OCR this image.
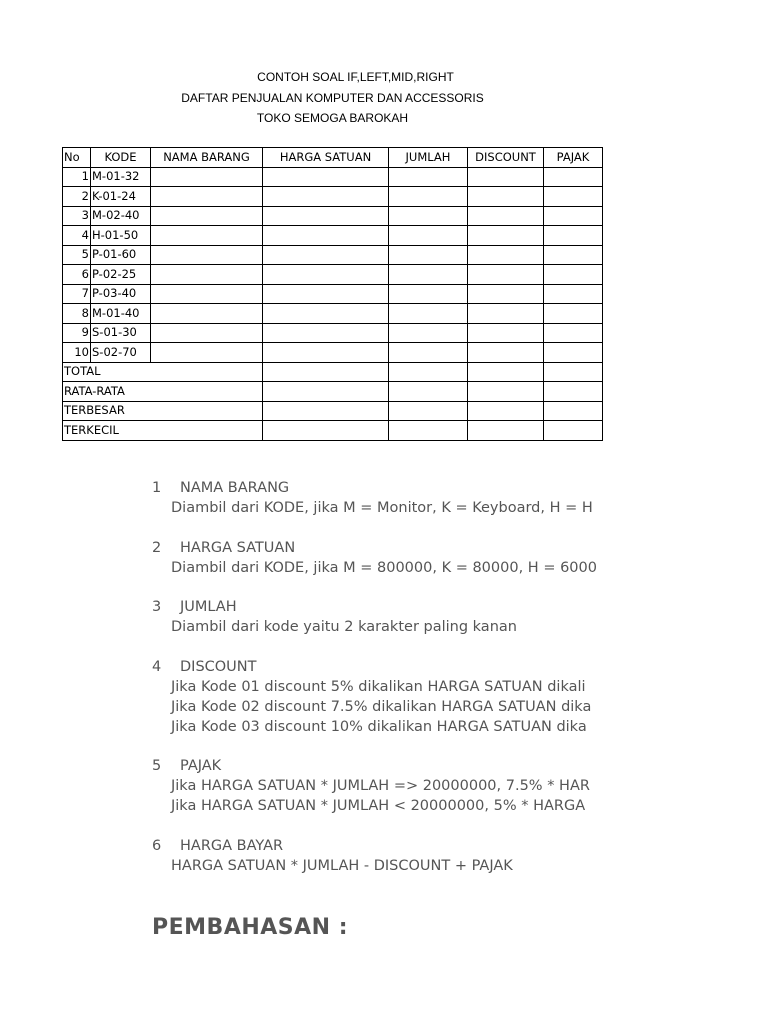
CONTOH SOAL IF,LEFT,MID,RIGHT
DAFTAR PENJUALAN KOMPUTER DAN ACCESSORIS
TOKO SEMOGA BAROKAH
No	KODE	NAMA BARANG	HARGA SATUAN	JUMLAH	DISCOUNT	PAJAK
1	M-01-32					
2	K-01-24					
3	M-02-40					
4	H-01-50					
5	P-01-60					
6	P-02-25					
7	P-03-40					
8	M-01-40					
9	S-01-30					
10	S-02-70					
TOTAL						
RATA-RATA						
TERBESAR						
TERKECIL						
1 NAMA BARANG
Diambil dari KODE, jika M = Monitor, K = Keyboard, H = H
2 HARGA SATUAN
Diambil dari KODE, jika M = 800000, K = 80000, H = 6000
3 JUMLAH
Diambil dari kode yaitu 2 karakter paling kanan
4 DISCOUNT
Jika Kode 01 discount 5% dikalikan HARGA SATUAN dikali
Jika Kode 02 discount 7.5% dikalikan HARGA SATUAN dika
Jika Kode 03 discount 10% dikalikan HARGA SATUAN dika
5 PAJAK
Jika HARGA SATUAN * JUMLAH => 20000000, 7.5% * HAR
Jika HARGA SATUAN * JUMLAH < 20000000, 5% * HARGA
6 HARGA BAYAR
HARGA SATUAN * JUMLAH - DISCOUNT + PAJAK
PEMBAHASAN :
